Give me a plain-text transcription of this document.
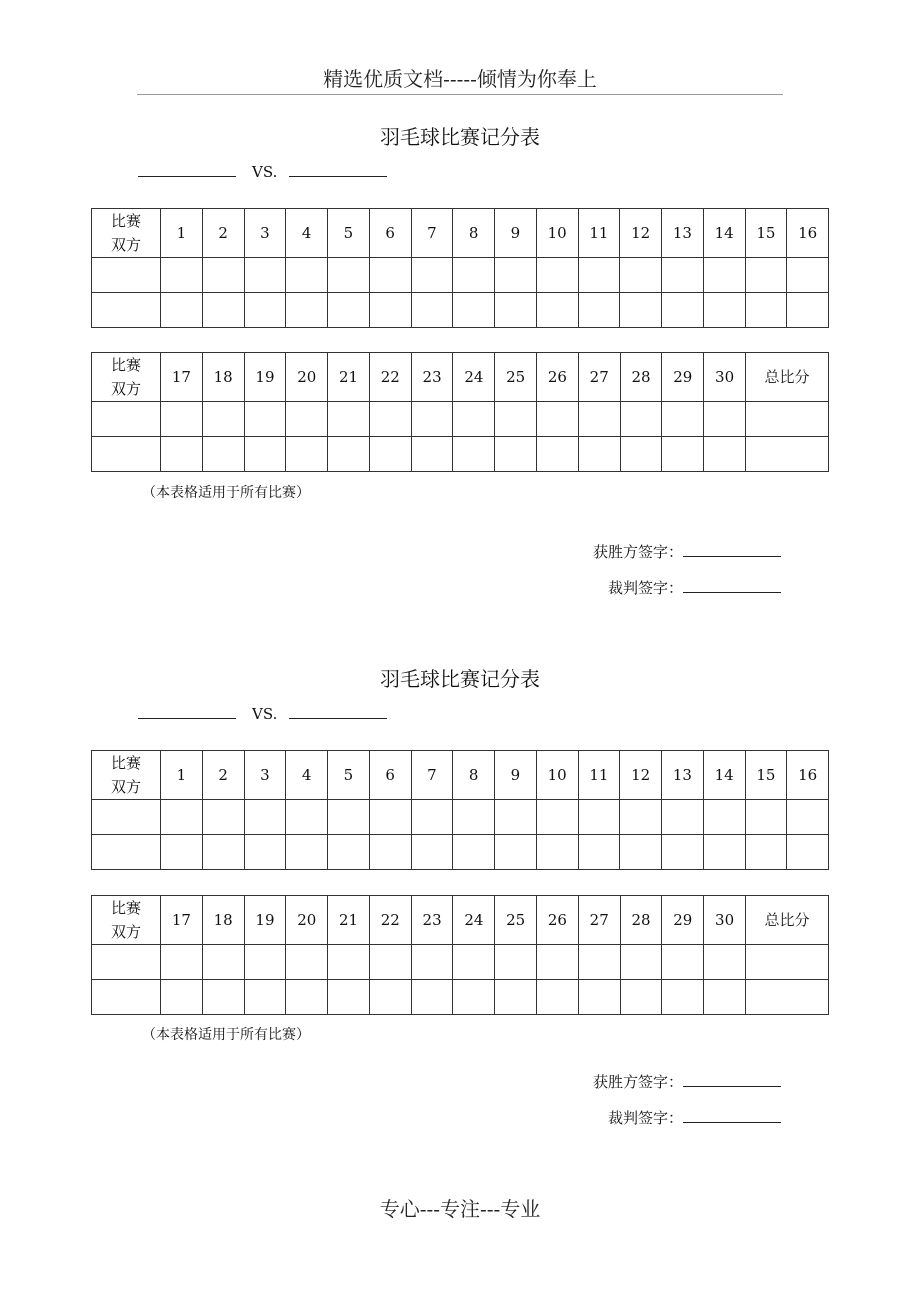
精选优质文档-----倾情为你奉上
羽毛球比赛记分表
VS.
比赛
双方	1	2	3	4	5	6	7	8	9	10	11	12	13	14	15	16

比赛
双方	17	18	19	20	21	22	23	24	25	26	27	28	29	30	总比分

（本表格适用于所有比赛）
获胜方签字：
裁判签字：
羽毛球比赛记分表
VS.
比赛
双方	1	2	3	4	5	6	7	8	9	10	11	12	13	14	15	16

比赛
双方	17	18	19	20	21	22	23	24	25	26	27	28	29	30	总比分

（本表格适用于所有比赛）
获胜方签字：
裁判签字：
专心---专注---专业
